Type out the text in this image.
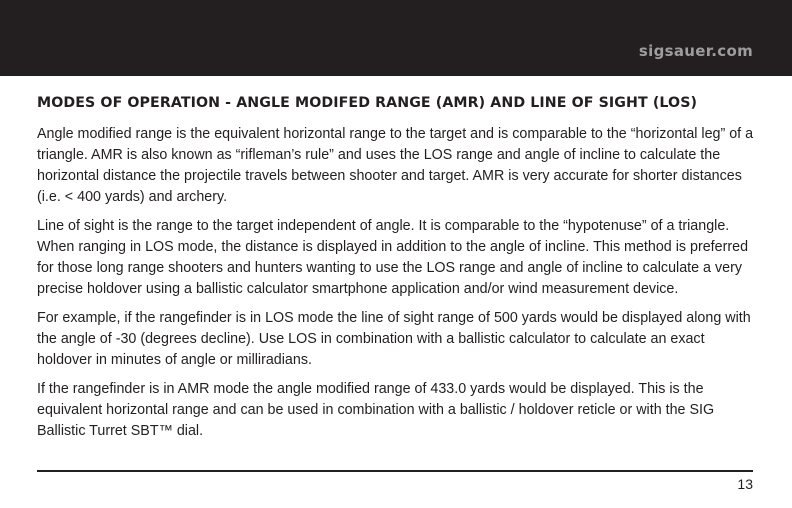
sigsauer.com
MODES OF OPERATION - ANGLE MODIFED RANGE (AMR) AND LINE OF SIGHT (LOS)

Angle modified range is the equivalent horizontal range to the target and is comparable to the “horizontal leg” of a triangle. AMR is also known as “rifleman’s rule” and uses the LOS range and angle of incline to calculate the horizontal distance the projectile travels between shooter and target. AMR is very accurate for shorter distances (i.e. < 400 yards) and archery.

Line of sight is the range to the target independent of angle. It is comparable to the “hypotenuse” of a triangle. When ranging in LOS mode, the distance is displayed in addition to the angle of incline. This method is preferred for those long range shooters and hunters wanting to use the LOS range and angle of incline to calculate a very precise holdover using a ballistic calculator smartphone application and/or wind measurement device.

For example, if the rangefinder is in LOS mode the line of sight range of 500 yards would be displayed along with the angle of -30 (degrees decline). Use LOS in combination with a ballistic calculator to calculate an exact holdover in minutes of angle or milliradians.

If the rangefinder is in AMR mode the angle modified range of 433.0 yards would be displayed. This is the equivalent horizontal range and can be used in combination with a ballistic / holdover reticle or with the SIG Ballistic Turret SBT™ dial.

13
